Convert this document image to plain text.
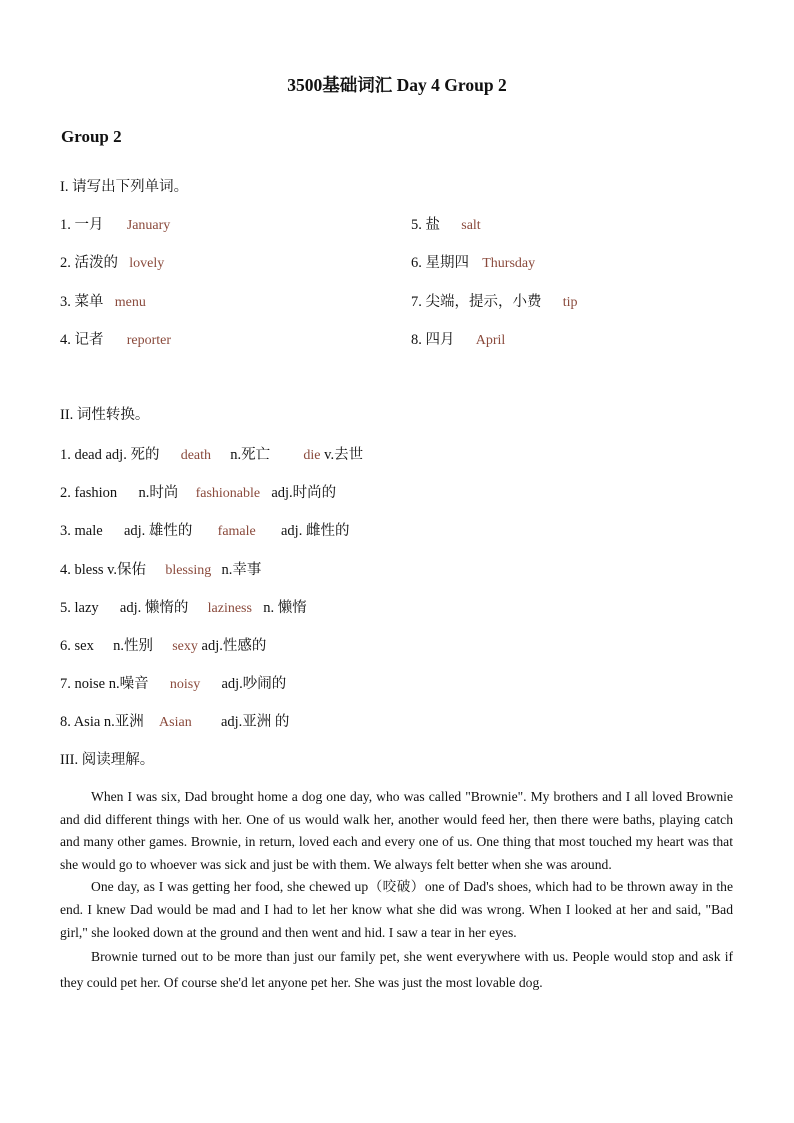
3500基础词汇 Day 4 Group 2
Group 2
I. 请写出下列单词。
1. 一月 January
2. 活泼的 lovely
3. 菜单 menu
4. 记者 reporter
5. 盐 salt
6. 星期四 Thursday
7. 尖端，提示，小费 tip
8. 四月 April
II. 词性转换。
1. dead adj. 死的 death n.死亡 die v.去世
2. fashion n.时尚 fashionable adj.时尚的
3. male adj. 雄性的 famale adj. 雌性的
4. bless v.保佑 blessing n.幸事
5. lazy adj. 懒惰的 laziness n. 懒惰
6. sex n.性别 sexy adj.性感的
7. noise n.噪音 noisy adj.吵闹的
8. Asia n.亚洲 Asian adj.亚洲 的
III. 阅读理解。

When I was six, Dad brought home a dog one day, who was called "Brownie". My brothers and I all loved Brownie and did different things with her. One of us would walk her, another would feed her, then there were baths, playing catch and many other games. Brownie, in return, loved each and every one of us. One thing that most touched my heart was that she would go to whoever was sick and just be with them. We always felt better when she was around.

One day, as I was getting her food, she chewed up（咬破）one of Dad's shoes, which had to be thrown away in the end. I knew Dad would be mad and I had to let her know what she did was wrong. When I looked at her and said, "Bad girl," she looked down at the ground and then went and hid. I saw a tear in her eyes.

Brownie turned out to be more than just our family pet, she went everywhere with us. People would stop and ask if they could pet her. Of course she'd let anyone pet her. She was just the most lovable dog.
